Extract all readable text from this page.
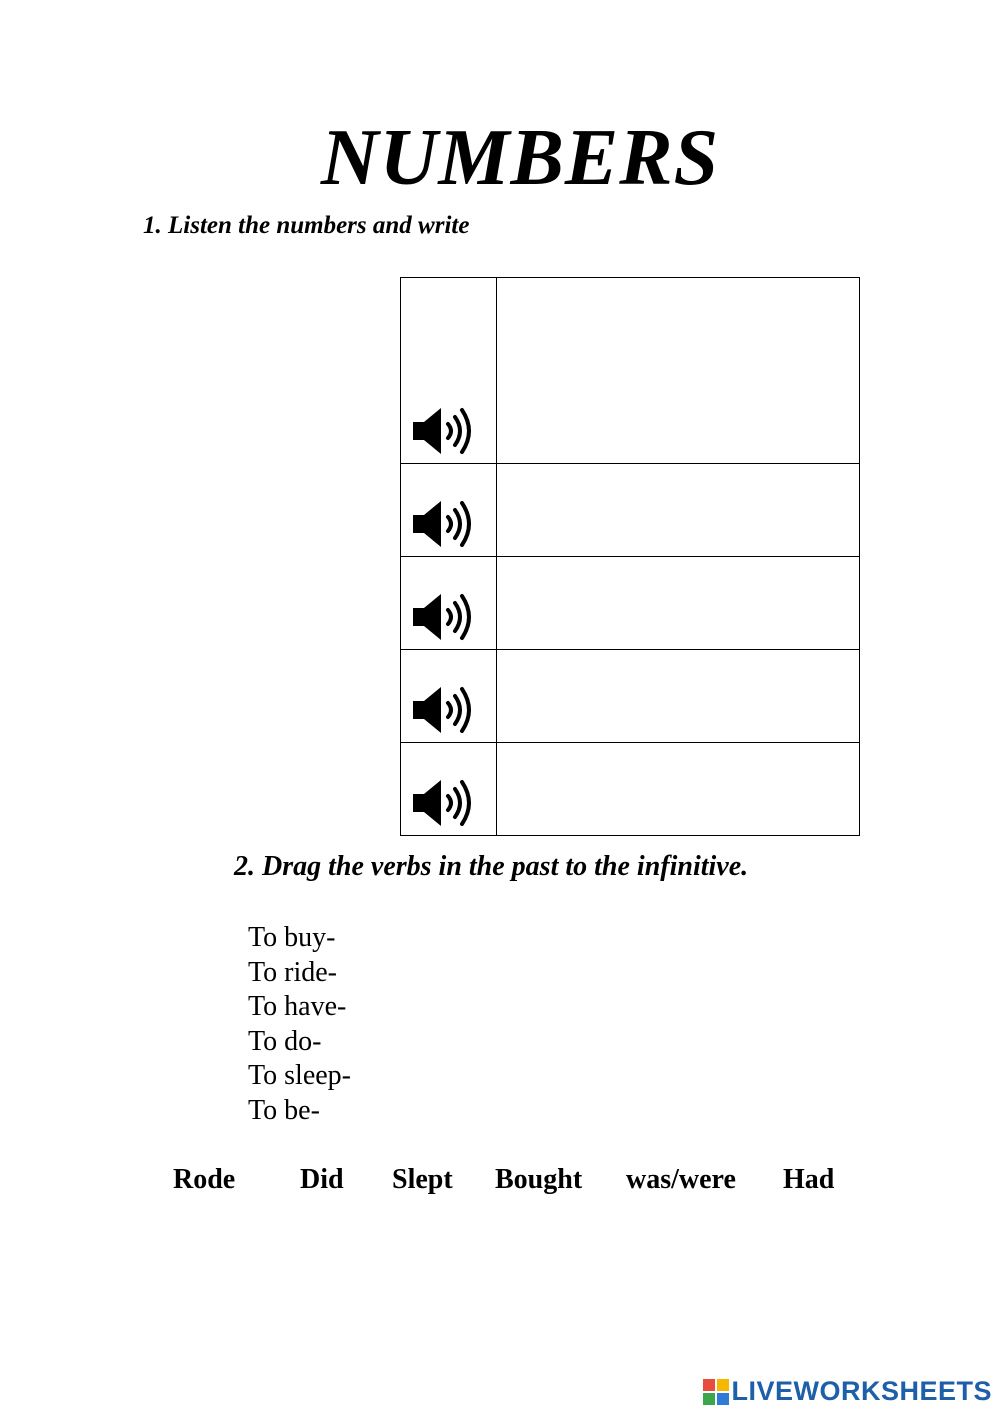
NUMBERS
1. Listen the numbers and write

2. Drag the verbs in the past to the infinitive.
To buy-
To ride-
To have-
To do-
To sleep-
To be-
Rode Did Slept Bought was/were Had
LIVEWORKSHEETS
